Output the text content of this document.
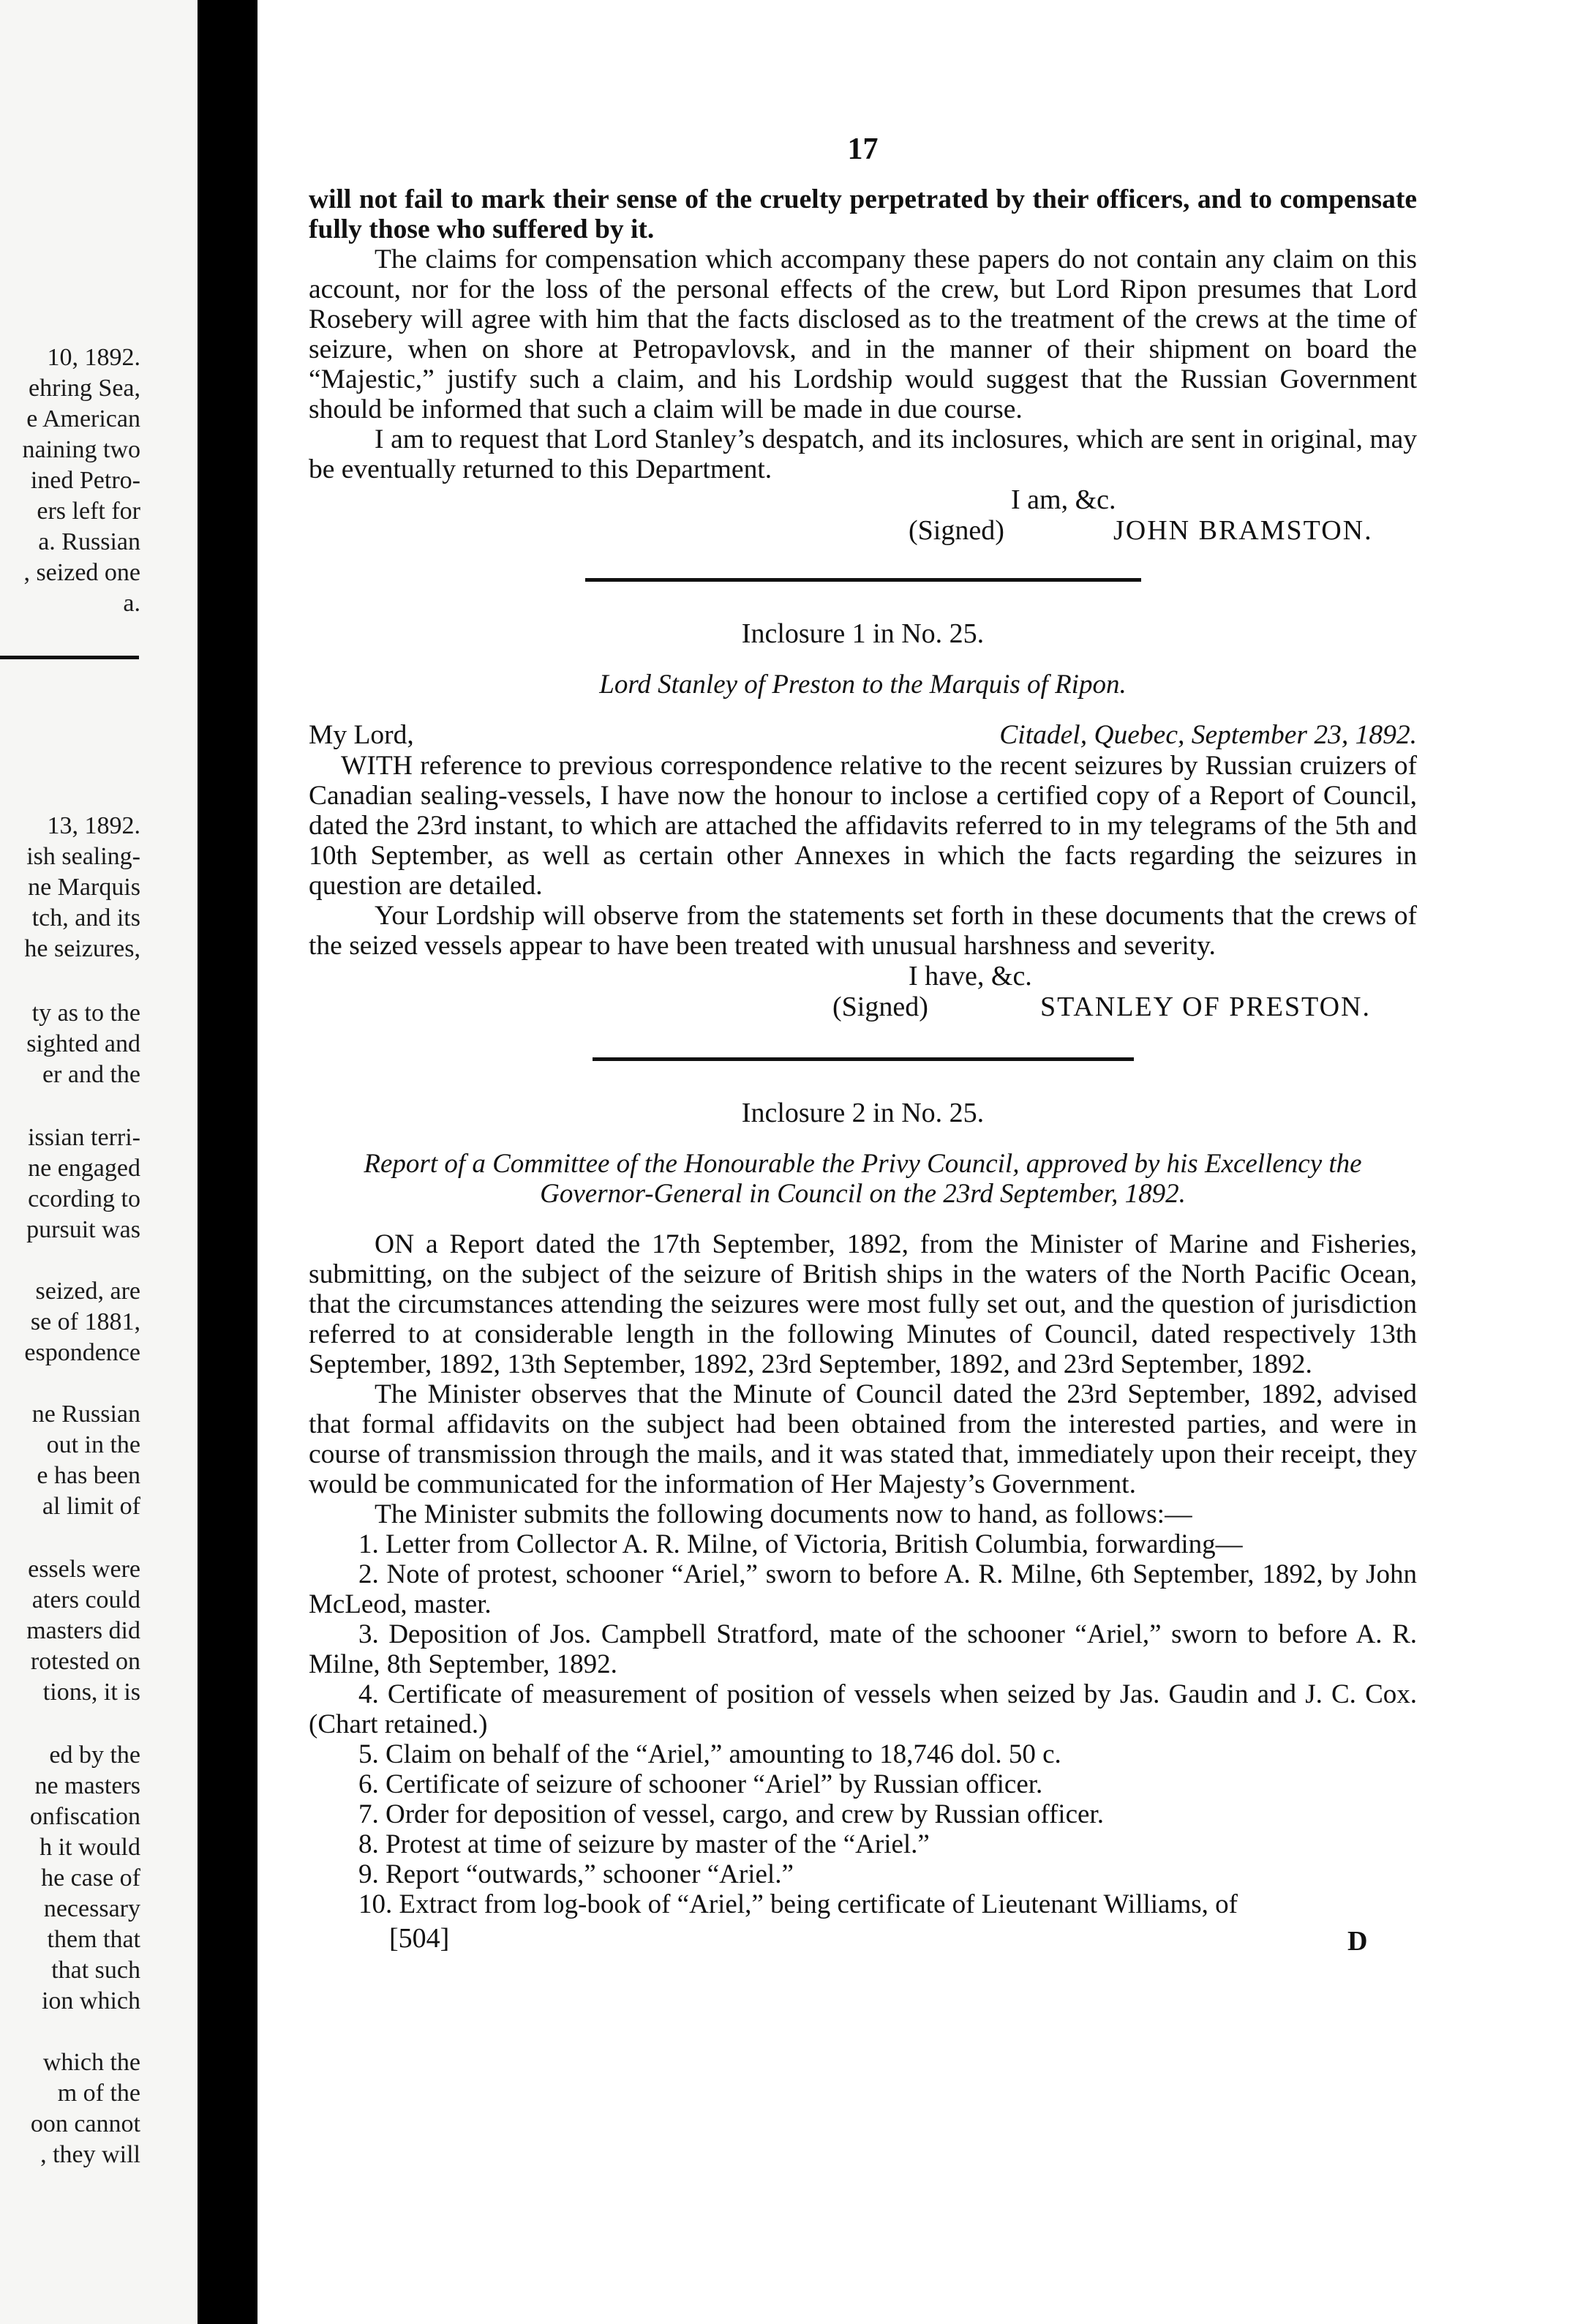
10, 1892.
ehring Sea,
e American
naining two
ined Petro-
ers left for
a. Russian
, seized one
a.
13, 1892.
ish sealing-
ne Marquis
tch, and its
he seizures,
ty as to the
sighted and
er and the
issian terri-
ne engaged
ccording to
pursuit was
seized, are
se of 1881,
espondence
ne Russian
out in the
e has been
al limit of
essels were
aters could
masters did
rotested on
tions, it is
ed by the
ne masters
onfiscation
h it would
he case of
necessary
them that
that such
ion which
which the
m of the
oon cannot
, they will
17

will not fail to mark their sense of the cruelty perpetrated by their officers, and to compensate fully those who suffered by it.

The claims for compensation which accompany these papers do not contain any claim on this account, nor for the loss of the personal effects of the crew, but Lord Ripon presumes that Lord Rosebery will agree with him that the facts disclosed as to the treatment of the crews at the time of seizure, when on shore at Petropavlovsk, and in the manner of their shipment on board the “Majestic,” justify such a claim, and his Lordship would suggest that the Russian Government should be informed that such a claim will be made in due course.

I am to request that Lord Stanley’s despatch, and its inclosures, which are sent in original, may be eventually returned to this Department.

I am, &c.
(Signed)	JOHN BRAMSTON.
Inclosure 1 in No. 25.
Lord Stanley of Preston to the Marquis of Ripon.
My Lord,	Citadel, Quebec, September 23, 1892.

WITH reference to previous correspondence relative to the recent seizures by Russian cruizers of Canadian sealing-vessels, I have now the honour to inclose a certified copy of a Report of Council, dated the 23rd instant, to which are attached the affidavits referred to in my telegrams of the 5th and 10th September, as well as certain other Annexes in which the facts regarding the seizures in question are detailed.

Your Lordship will observe from the statements set forth in these documents that the crews of the seized vessels appear to have been treated with unusual harshness and severity.

I have, &c.
(Signed)	STANLEY OF PRESTON.
Inclosure 2 in No. 25.
Report of a Committee of the Honourable the Privy Council, approved by his Excellency the Governor-General in Council on the 23rd September, 1892.

ON a Report dated the 17th September, 1892, from the Minister of Marine and Fisheries, submitting, on the subject of the seizure of British ships in the waters of the North Pacific Ocean, that the circumstances attending the seizures were most fully set out, and the question of jurisdiction referred to at considerable length in the following Minutes of Council, dated respectively 13th September, 1892, 13th September, 1892, 23rd September, 1892, and 23rd September, 1892.

The Minister observes that the Minute of Council dated the 23rd September, 1892, advised that formal affidavits on the subject had been obtained from the interested parties, and were in course of transmission through the mails, and it was stated that, immediately upon their receipt, they would be communicated for the information of Her Majesty’s Government.

The Minister submits the following documents now to hand, as follows:—

1. Letter from Collector A. R. Milne, of Victoria, British Columbia, forwarding—

2. Note of protest, schooner “Ariel,” sworn to before A. R. Milne, 6th September, 1892, by John McLeod, master.

3. Deposition of Jos. Campbell Stratford, mate of the schooner “Ariel,” sworn to before A. R. Milne, 8th September, 1892.

4. Certificate of measurement of position of vessels when seized by Jas. Gaudin and J. C. Cox. (Chart retained.)

5. Claim on behalf of the “Ariel,” amounting to 18,746 dol. 50 c.

6. Certificate of seizure of schooner “Ariel” by Russian officer.

7. Order for deposition of vessel, cargo, and crew by Russian officer.

8. Protest at time of seizure by master of the “Ariel.”

9. Report “outwards,” schooner “Ariel.”

10. Extract from log-book of “Ariel,” being certificate of Lieutenant Williams, of

[504]	D
